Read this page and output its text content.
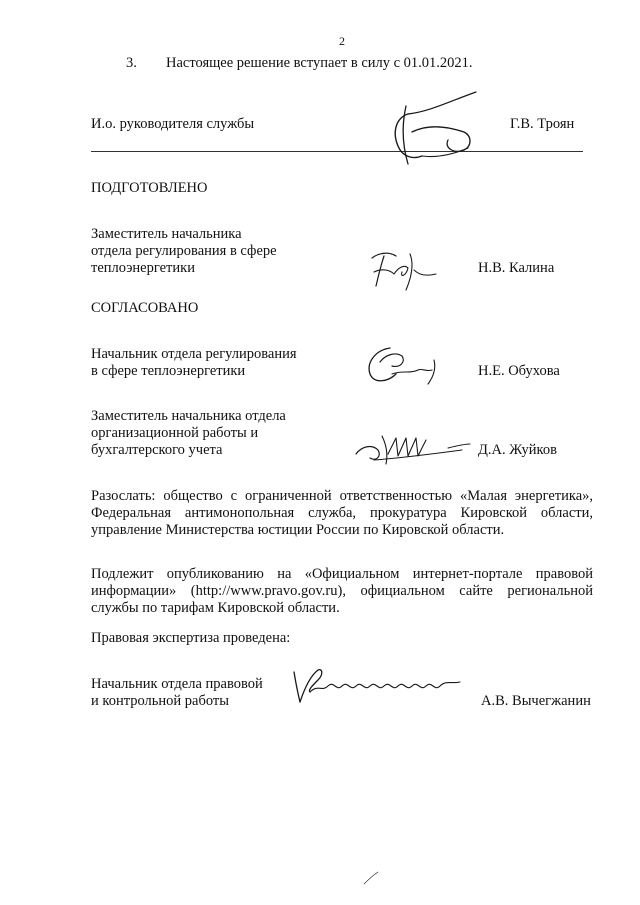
2
3. Настоящее решение вступает в силу с 01.01.2021.
И.о. руководителя службы	Г.В. Троян
ПОДГОТОВЛЕНО
Заместитель начальника
отдела регулирования в сфере
теплоэнергетики	Н.В. Калина
СОГЛАСОВАНО
Начальник отдела регулирования
в сфере теплоэнергетики	Н.Е. Обухова
Заместитель начальника отдела
организационной работы и
бухгалтерского учета	Д.А. Жуйков
Разослать: общество с ограниченной ответственностью «Малая энергетика», Федеральная антимонопольная служба, прокуратура Кировской области, управление Министерства юстиции России по Кировской области.
Подлежит опубликованию на «Официальном интернет-портале правовой информации» (http://www.pravo.gov.ru), официальном сайте региональной службы по тарифам Кировской области.
Правовая экспертиза проведена:
Начальник отдела правовой
и контрольной работы	А.В. Вычегжанин
